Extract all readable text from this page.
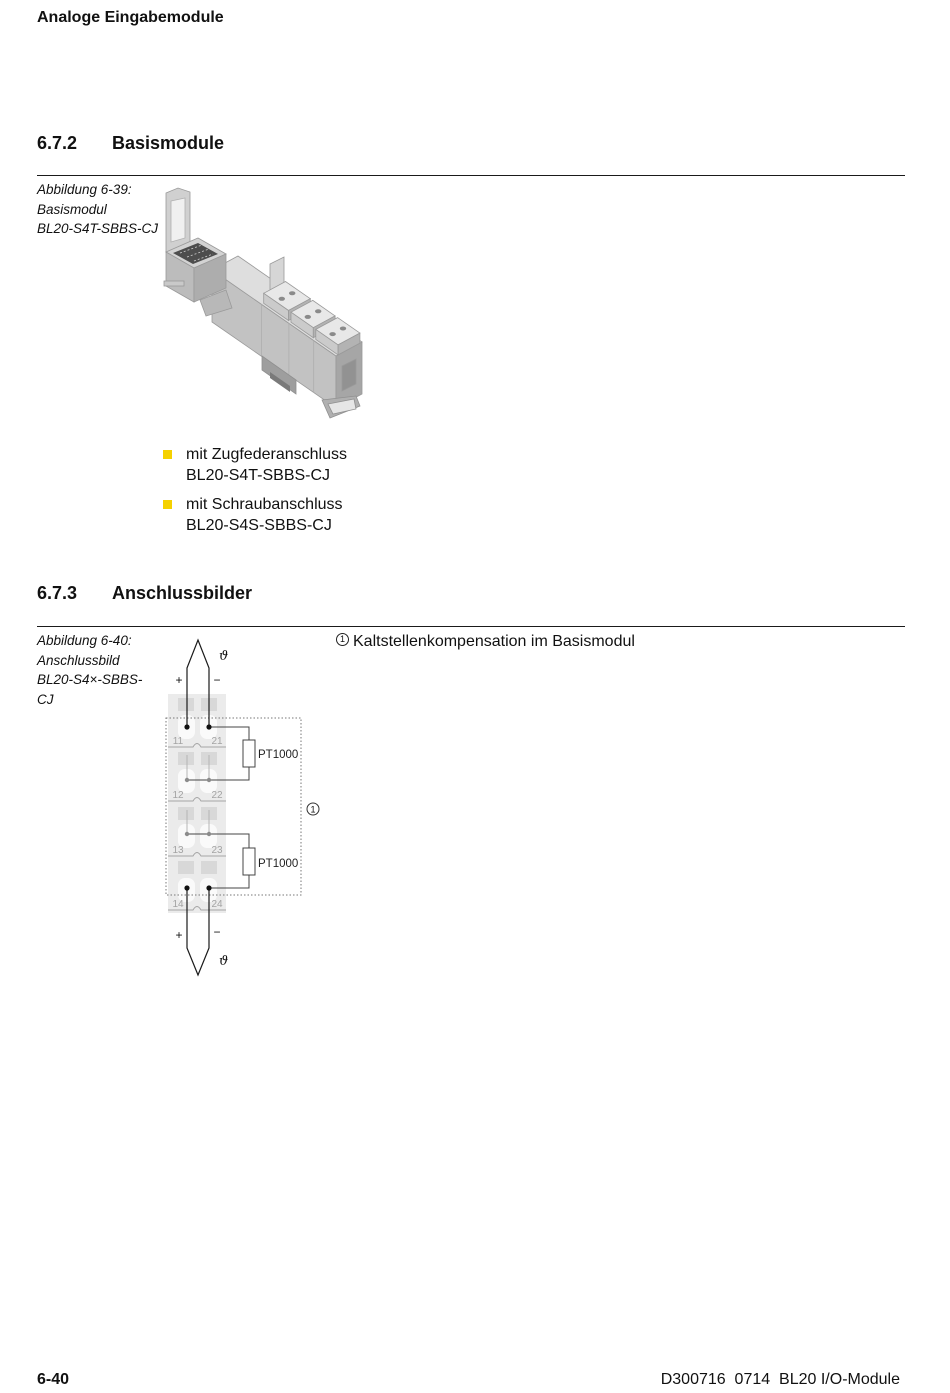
Analoge Eingabemodule
6.7.2 Basismodule
Abbildung 6-39:
Basismodul
BL20-S4T-SBBS-CJ
mit Zugfederanschluss
BL20-S4T-SBBS-CJ
mit Schraubanschluss
BL20-S4S-SBBS-CJ
6.7.3 Anschlussbilder
Abbildung 6-40:
Anschlussbild
BL20-S4×-SBBS-
CJ
11	21
12	22
13	23
14	24
PT1000
PT1000
+	−
+	−
ϑ
ϑ
1
1 Kaltstellenkompensation im Basismodul
6-40	D300716  0714  BL20 I/O-Module
